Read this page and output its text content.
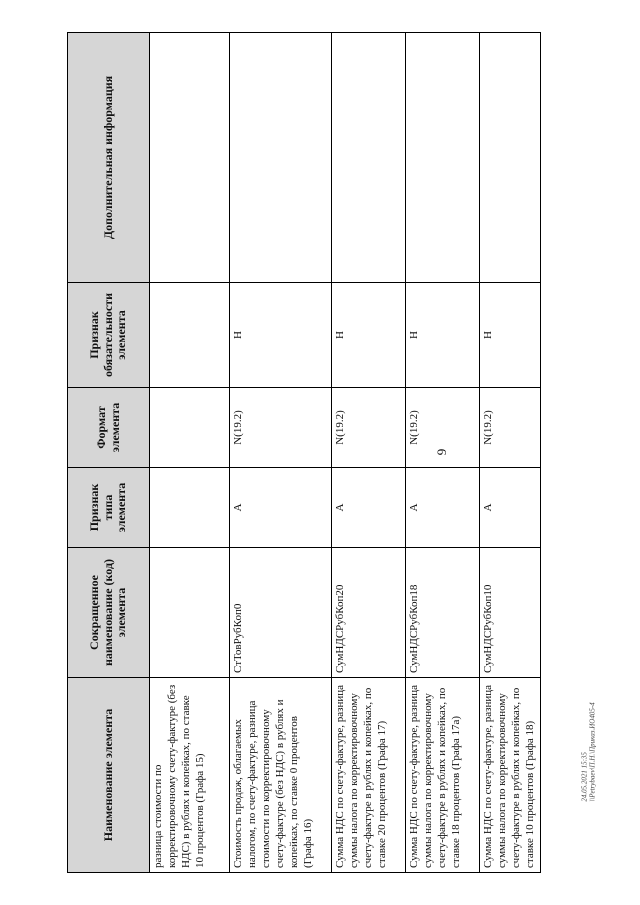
9
Наименование элемента	Сокращенное наименование (код) элемента	Признак типа элемента	Формат элемента	Признак обязательности элемента	Дополнительная информация
разница стоимости по корректировочному счету-фактуре (без НДС) в рублях и копейках, по ставке 10 процентов (Графа 15)					
Стоимость продаж, облагаемых налогом, по счету-фактуре, разница стоимости по корректировочному счету-фактуре (без НДС) в рублях и копейках, по ставке 0 процентов (Графа 16)	СтТовРубКоп0	А	N(19.2)	Н	
Сумма НДС по счету-фактуре, разница суммы налога по корректировочному счету-фактуре в рублях и копейках, по ставке 20 процентов (Графа 17)	СумНДСРубКоп20	А	N(19.2)	Н	
Сумма НДС по счету-фактуре, разница суммы налога по корректировочному счету-фактуре в рублях и копейках, по ставке 18 процентов (Графа 17а)	СумНДСРубКоп18	А	N(19.2)	Н	
Сумма НДС по счету-фактуре, разница суммы налога по корректировочному счету-фактуре в рублях и копейках, по ставке 10 процентов (Графа 18)	СумНДСРубКоп10	А	N(19.2)	Н	
24.05.2021 15:35 \\Petrybaev\П.Н.\Приказ.ИО405-4
